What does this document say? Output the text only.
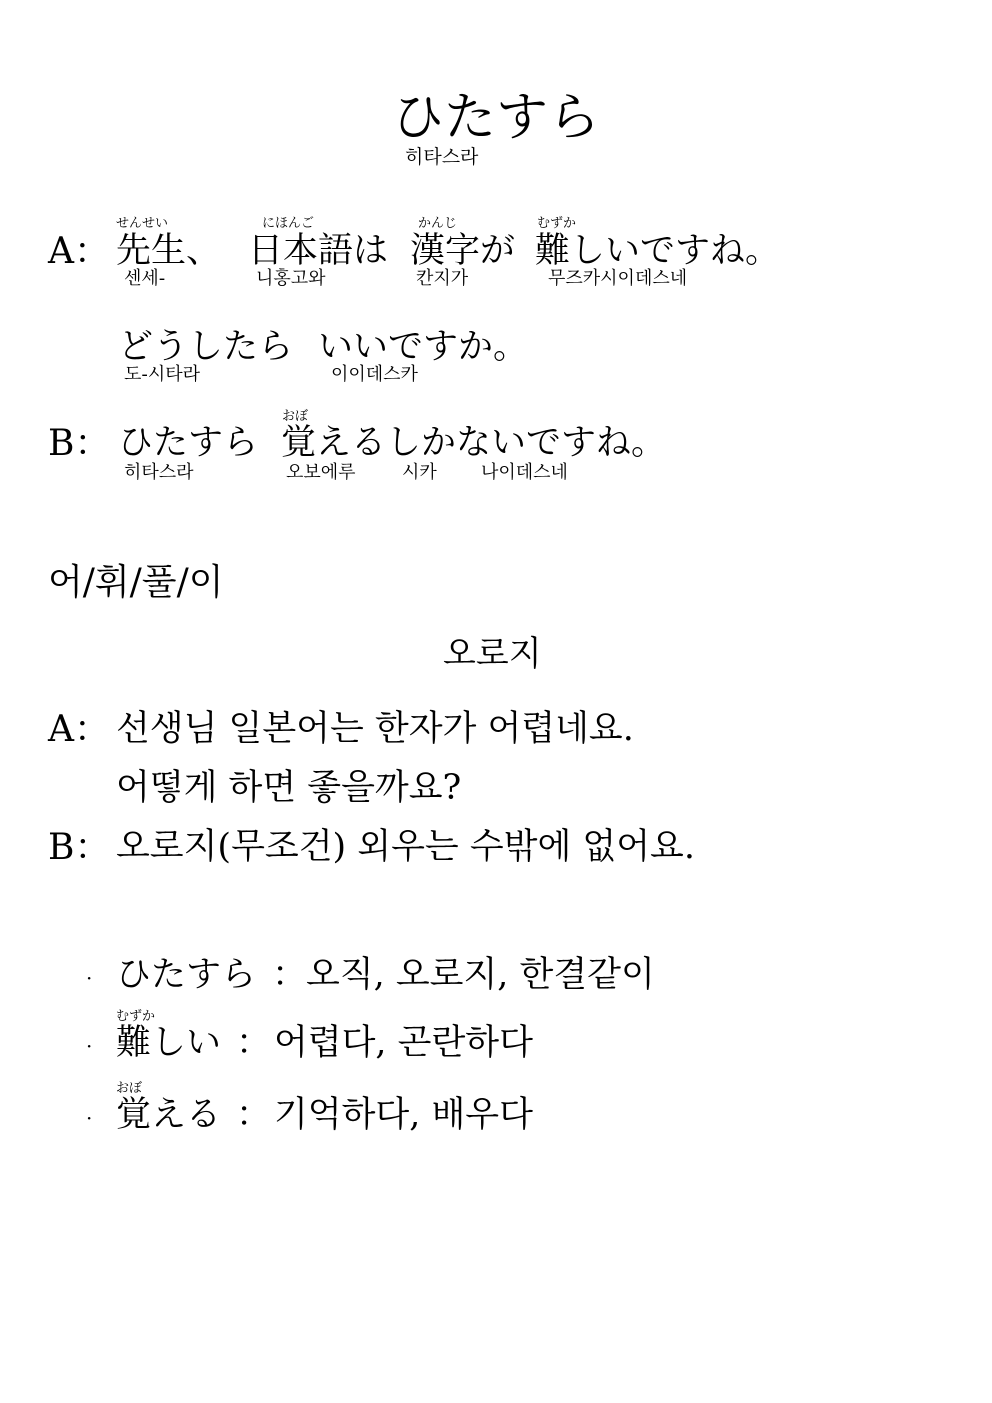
ひたすら
히타스라
せんせい	にほんご	かんじ	むずか
A： 先生、 日本語は 漢字が 難しいですね。
센세-	니홍고와	칸지가	무즈카시이데스네
どうしたら いいですか。
도-시타라	이이데스카
おぼ
B： ひたすら 覚えるしかないですね。
히타스라	오보에루	시카 나이데스네
어/휘/풀/이
오로지
A： 선생님 일본어는 한자가 어렵네요.
어떻게 하면 좋을까요?
B： 오로지(무조건) 외우는 수밖에 없어요.
· ひたすら ：
오직, 오로지, 한결같이
むずか
· 難しい ： 어렵다, 곤란하다
おぼ
· 覚える ： 기억하다, 배우다
